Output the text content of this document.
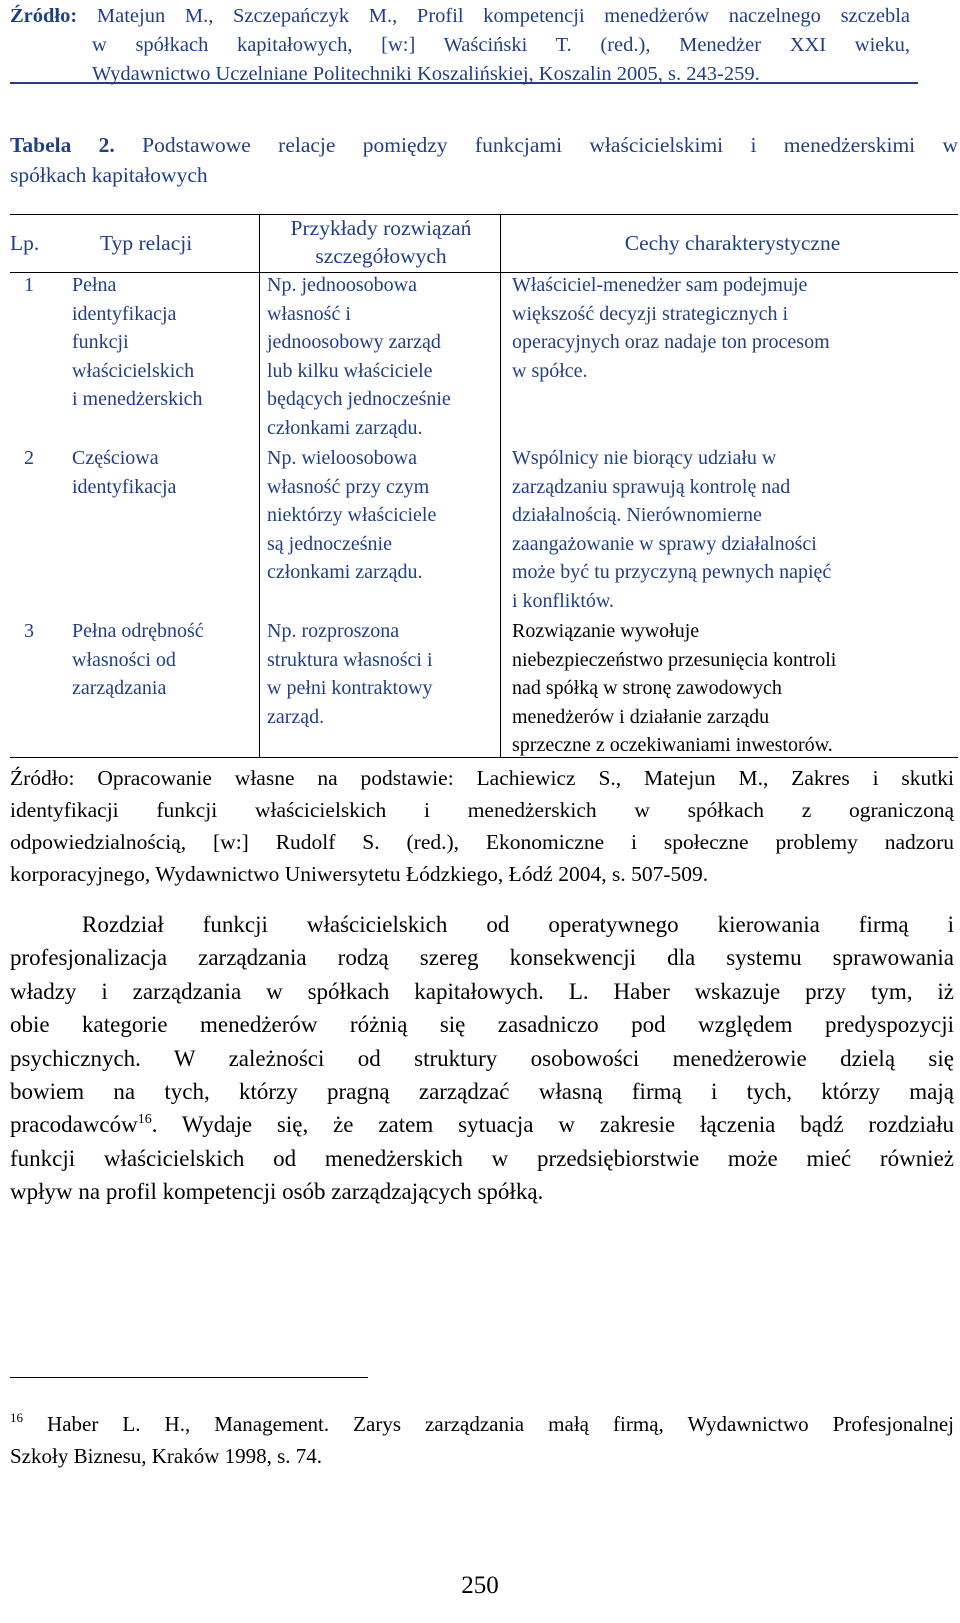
Źródło: Matejun M., Szczepańczyk M., Profil kompetencji menedżerów naczelnego szczebla
w spółkach kapitałowych, [w:] Waściński T. (red.), Menedżer XXI wieku,
Wydawnictwo Uczelniane Politechniki Koszalińskiej, Koszalin 2005, s. 243-259.
Tabela 2. Podstawowe relacje pomiędzy funkcjami właścicielskimi i menedżerskimi w
spółkach kapitałowych
Lp.	Typ relacji
Przykłady rozwiązań
szczegółowych
Cechy charakterystyczne
1 Pełna
identyfikacja
funkcji
właścicielskich
i menedżerskich
Np. jednoosobowa
własność i
jednoosobowy zarząd
lub kilku właściciele
będących jednocześnie
członkami zarządu.
Właściciel-menedżer sam podejmuje
większość decyzji strategicznych i
operacyjnych oraz nadaje ton procesom
w spółce.
2 Częściowa
identyfikacja
Np. wieloosobowa
własność przy czym
niektórzy właściciele
są jednocześnie
członkami zarządu.
Wspólnicy nie biorący udziału w
zarządzaniu sprawują kontrolę nad
działalnością. Nierównomierne
zaangażowanie w sprawy działalności
może być tu przyczyną pewnych napięć
i konfliktów.
3 Pełna odrębność
własności od
zarządzania
Np. rozproszona
struktura własności i
w pełni kontraktowy
zarząd.
Rozwiązanie wywołuje
niebezpieczeństwo przesunięcia kontroli
nad spółką w stronę zawodowych
menedżerów i działanie zarządu
sprzeczne z oczekiwaniami inwestorów.
Źródło: Opracowanie własne na podstawie: Lachiewicz S., Matejun M., Zakres i skutki
identyfikacji funkcji właścicielskich i menedżerskich w spółkach z ograniczoną
odpowiedzialnością, [w:] Rudolf S. (red.), Ekonomiczne i społeczne problemy nadzoru
korporacyjnego, Wydawnictwo Uniwersytetu Łódzkiego, Łódź 2004, s. 507-509.
Rozdział funkcji właścicielskich od operatywnego kierowania firmą i
profesjonalizacja zarządzania rodzą szereg konsekwencji dla systemu sprawowania
władzy i zarządzania w spółkach kapitałowych. L. Haber wskazuje przy tym, iż
obie kategorie menedżerów różnią się zasadniczo pod względem predyspozycji
psychicznych. W zależności od struktury osobowości menedżerowie dzielą się
bowiem na tych, którzy pragną zarządzać własną firmą i tych, którzy mają
pracodawców$^{16}$. Wydaje się, że zatem sytuacja w zakresie łączenia bądź rozdziału
funkcji właścicielskich od menedżerskich w przedsiębiorstwie może mieć również
wpływ na profil kompetencji osób zarządzających spółką.
$^{16}$ Haber L. H., Management. Zarys zarządzania małą firmą, Wydawnictwo Profesjonalnej
Szkoły Biznesu, Kraków 1998, s. 74.
250
